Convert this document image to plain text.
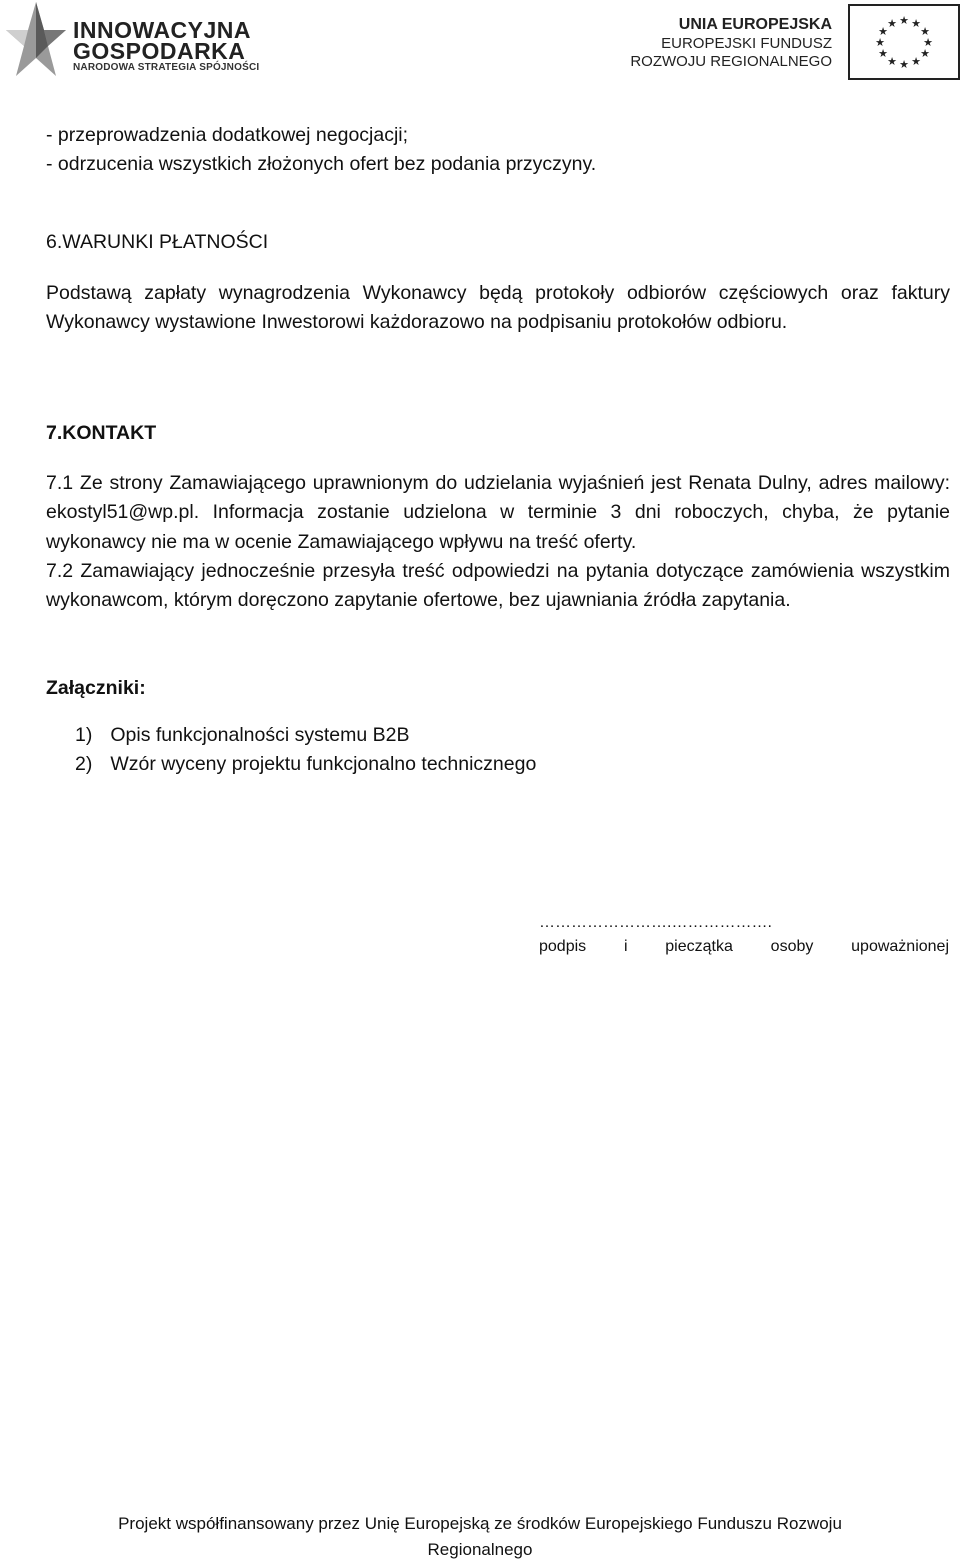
INNOWACYJNA
GOSPODARKA
NARODOWA STRATEGIA SPÓJNOŚCI
UNIA EUROPEJSKA
EUROPEJSKI FUNDUSZ
ROZWOJU REGIONALNEGO
★ ★
★
★
★
★
★
★
★
★
★
★
- przeprowadzenia dodatkowej negocjacji;
- odrzucenia wszystkich złożonych ofert bez podania przyczyny.
6.WARUNKI PŁATNOŚCI
Podstawą zapłaty wynagrodzenia Wykonawcy będą protokoły odbiorów częściowych oraz faktury Wykonawcy wystawione Inwestorowi każdorazowo na podpisaniu protokołów odbioru.
7.KONTAKT
7.1 Ze strony Zamawiającego uprawnionym do udzielania wyjaśnień jest Renata Dulny, adres mailowy: ekostyl51@wp.pl. Informacja zostanie udzielona w terminie 3 dni roboczych, chyba, że pytanie wykonawcy nie ma w ocenie Zamawiającego wpływu na treść oferty.
7.2 Zamawiający jednocześnie przesyła treść odpowiedzi na pytania dotyczące zamówienia wszystkim wykonawcom, którym doręczono zapytanie ofertowe, bez ujawniania źródła zapytania.
Załączniki:
1) Opis funkcjonalności systemu B2B
2) Wzór wyceny projektu funkcjonalno technicznego
…………………….……………….
podpis i pieczątka osoby upoważnionej
Projekt współfinansowany przez Unię Europejską ze środków Europejskiego Funduszu Rozwoju
Regionalnego
